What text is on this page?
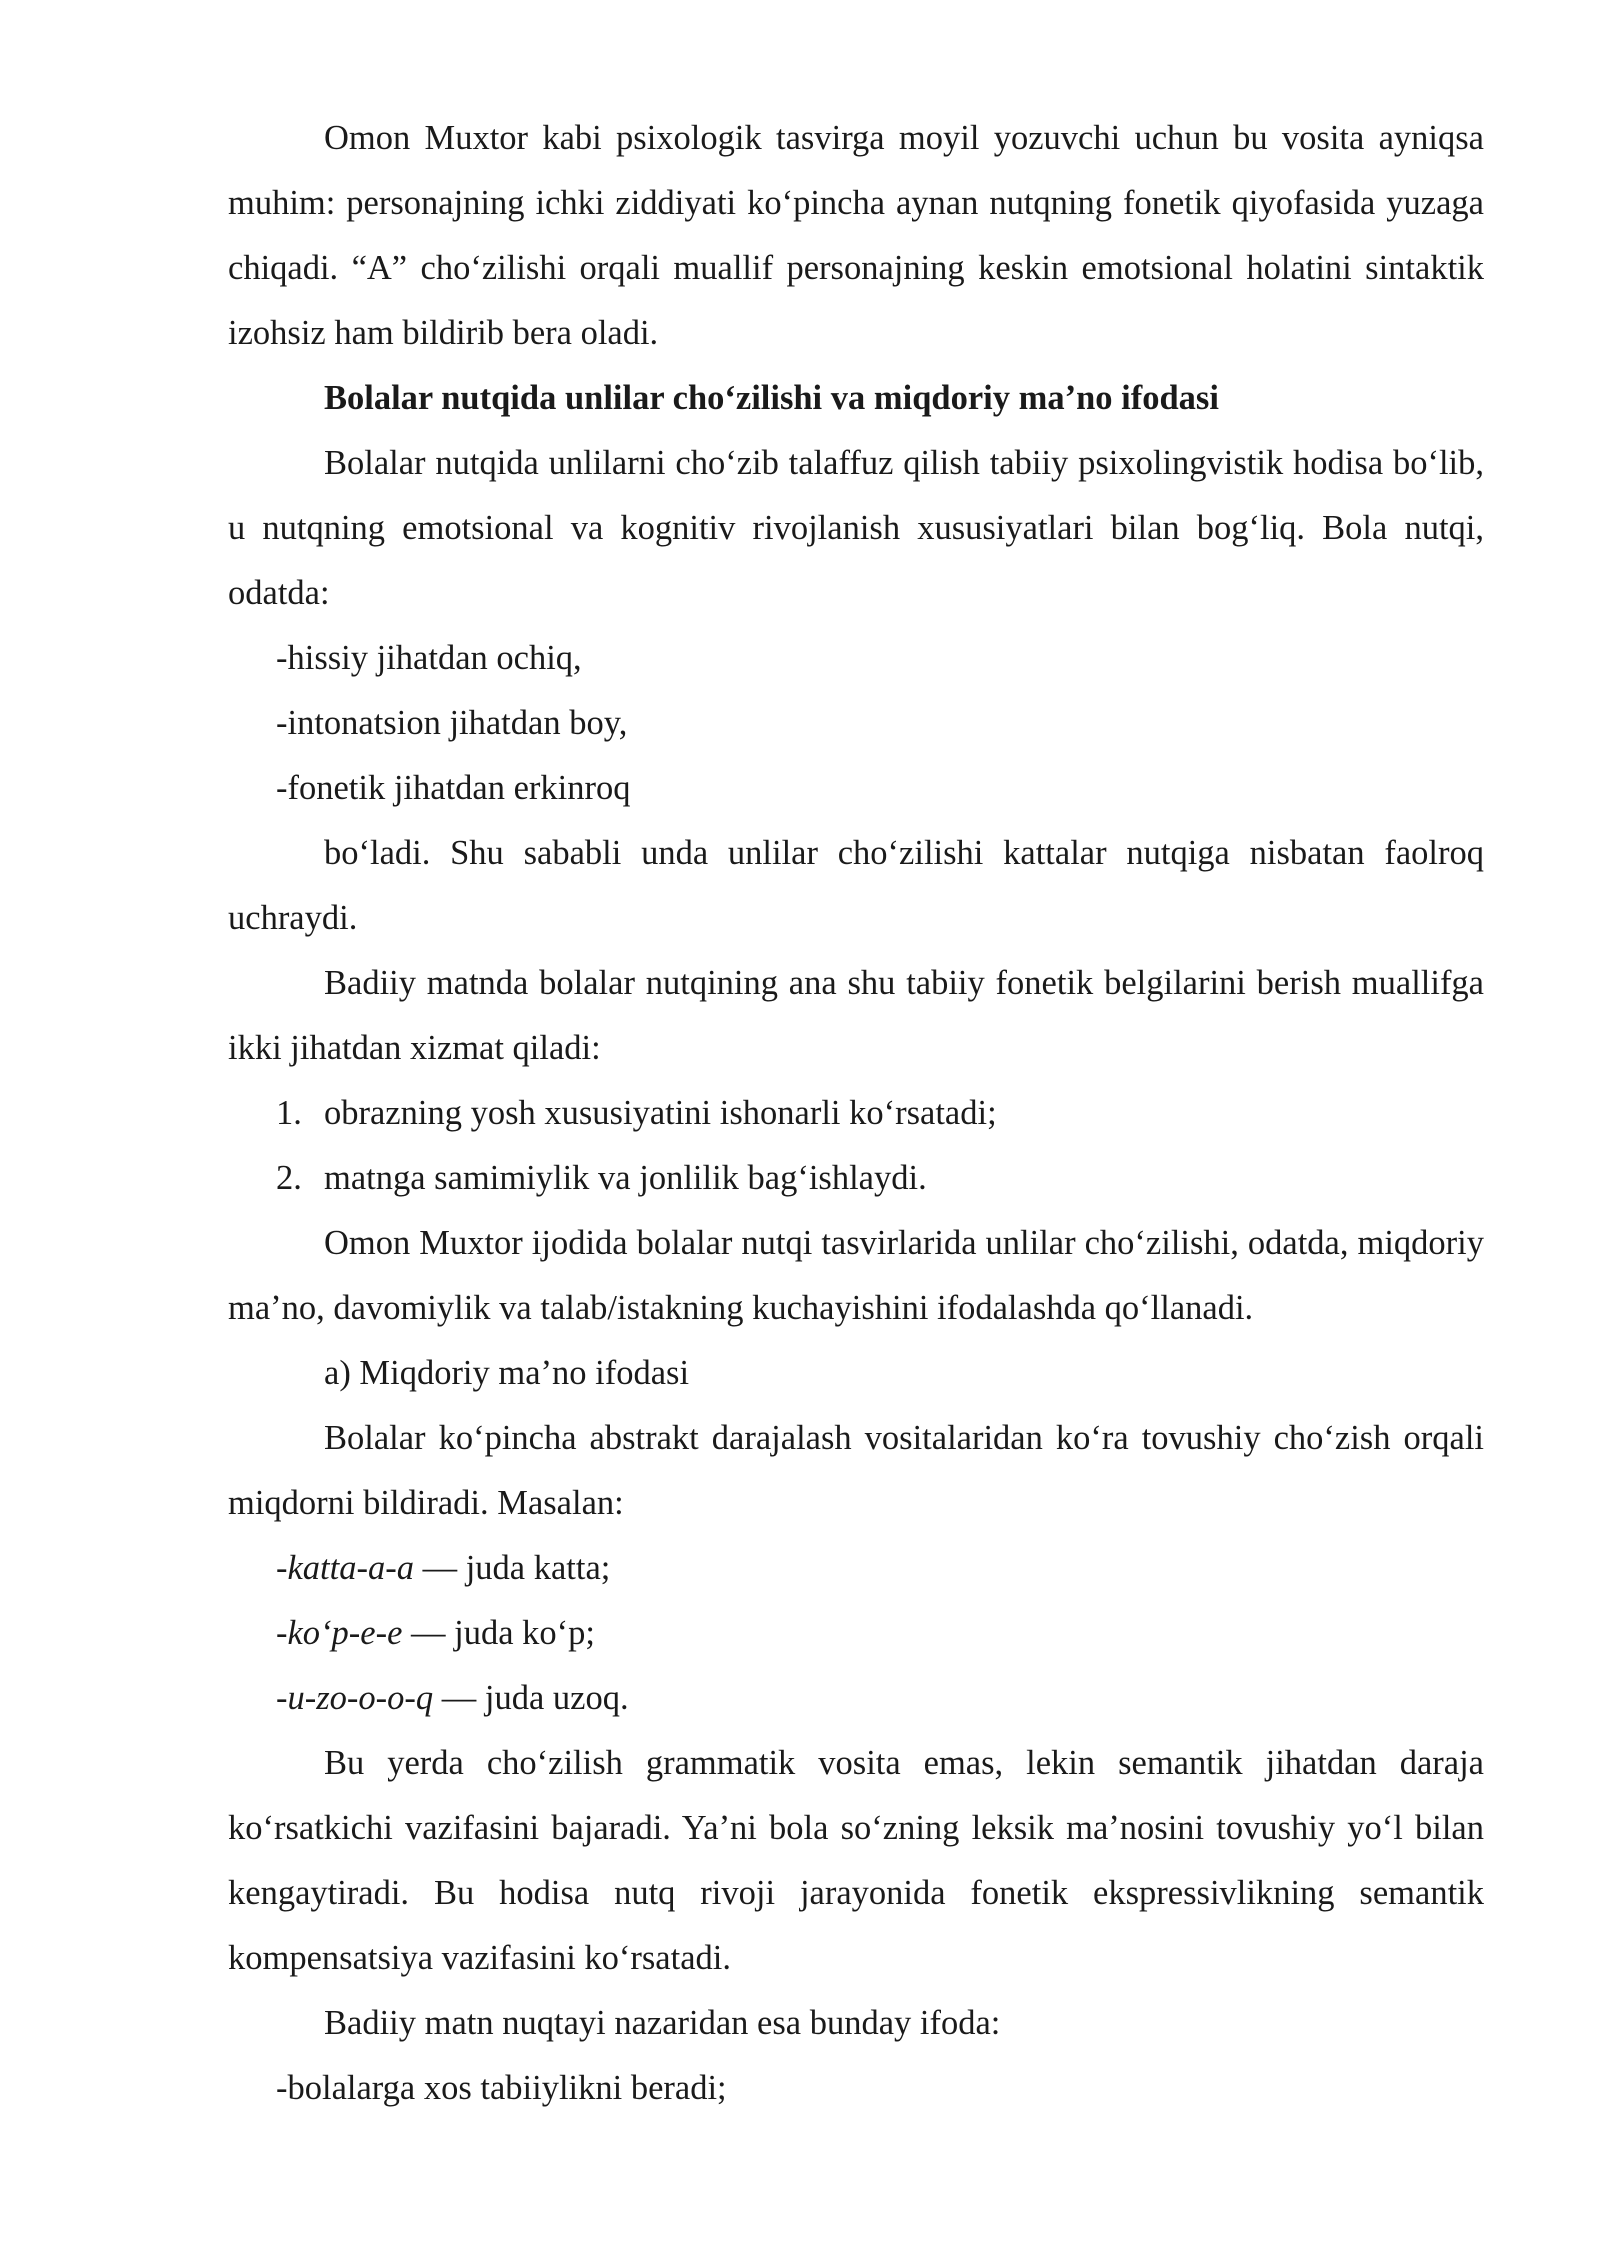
Omon Muxtor kabi psixologik tasvirga moyil yozuvchi uchun bu vosita ayniqsa muhim: personajning ichki ziddiyati koʻpincha aynan nutqning fonetik qiyofasida yuzaga chiqadi. “A” choʻzilishi orqali muallif personajning keskin emotsional holatini sintaktik izohsiz ham bildirib bera oladi.

Bolalar nutqida unlilar choʻzilishi va miqdoriy maʼno ifodasi

Bolalar nutqida unlilarni choʻzib talaffuz qilish tabiiy psixolingvistik hodisa boʻlib, u nutqning emotsional va kognitiv rivojlanish xususiyatlari bilan bogʻliq. Bola nutqi, odatda:

-hissiy jihatdan ochiq,

-intonatsion jihatdan boy,

-fonetik jihatdan erkinroq

boʻladi. Shu sababli unda unlilar choʻzilishi kattalar nutqiga nisbatan faolroq uchraydi.

Badiiy matnda bolalar nutqining ana shu tabiiy fonetik belgilarini berish muallifga ikki jihatdan xizmat qiladi:

1. obrazning yosh xususiyatini ishonarli koʻrsatadi;
2. matnga samimiylik va jonlilik bagʻishlaydi.

Omon Muxtor ijodida bolalar nutqi tasvirlarida unlilar choʻzilishi, odatda, miqdoriy maʼno, davomiylik va talab/istakning kuchayishini ifodalashda qoʻllanadi.

a) Miqdoriy maʼno ifodasi

Bolalar koʻpincha abstrakt darajalash vositalaridan koʻra tovushiy choʻzish orqali miqdorni bildiradi. Masalan:

-katta-a-a — juda katta;

-koʻp-e-e — juda koʻp;

-u-zo-o-o-q — juda uzoq.

Bu yerda choʻzilish grammatik vosita emas, lekin semantik jihatdan daraja koʻrsatkichi vazifasini bajaradi. Yaʼni bola soʻzning leksik maʼnosini tovushiy yoʻl bilan kengaytiradi. Bu hodisa nutq rivoji jarayonida fonetik ekspressivlikning semantik kompensatsiya vazifasini koʻrsatadi.

Badiiy matn nuqtayi nazaridan esa bunday ifoda:

-bolalarga xos tabiiylikni beradi;
